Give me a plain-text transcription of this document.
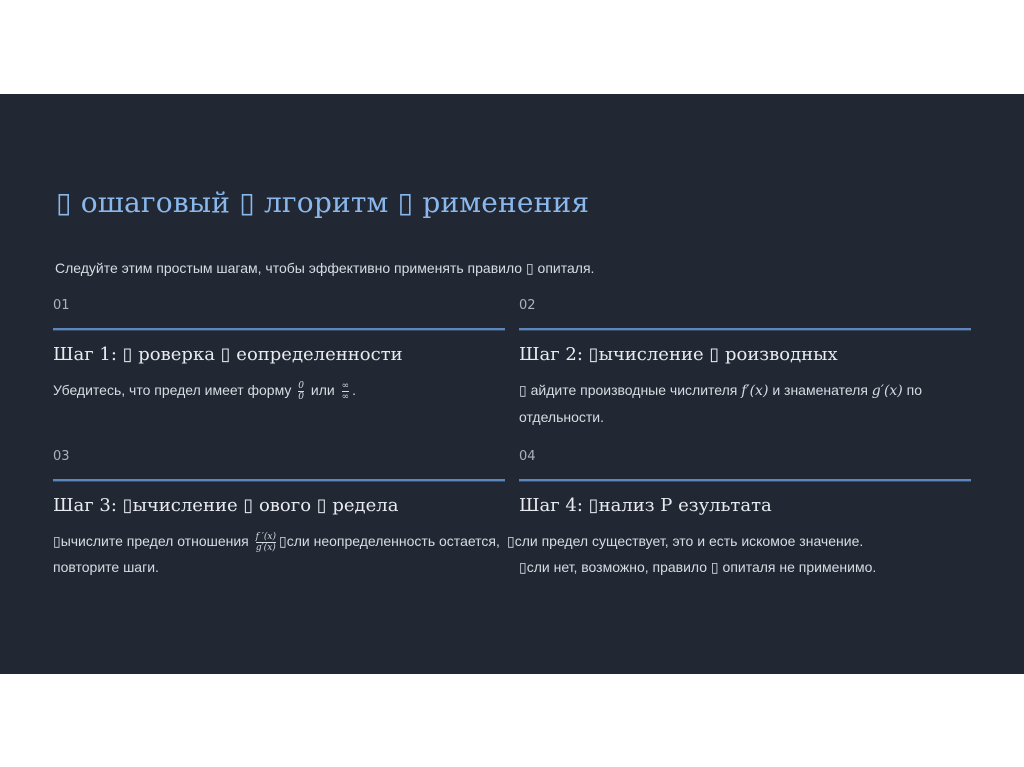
▯ ошаговый ▯ лгоритм ▯ рименения
Следуйте этим простым шагам, чтобы эффективно применять правило ▯ опиталя.
01
Шаг 1: ▯ роверка ▯ еопределенности
Убедитесь, что предел имеет форму $\frac{0}{0}$ или $\frac{\infty}{\infty}$ .
02
Шаг 2: ▯ычисление ▯ роизводных
▯ айдите производные числителя f′(x) и знаменателя g′(x) по отдельности.
03
Шаг 3: ▯ычисление ▯ ового ▯ редела
▯ычислите предел отношения $\frac{f '(x)}{g'(x)}$ ▯сли неопределенность остается, повторите шаги.
04
Шаг 4: ▯нализ Р езультата
▯сли предел существует, это и есть искомое значение.
▯сли нет, возможно, правило ▯ опиталя не применимо.
